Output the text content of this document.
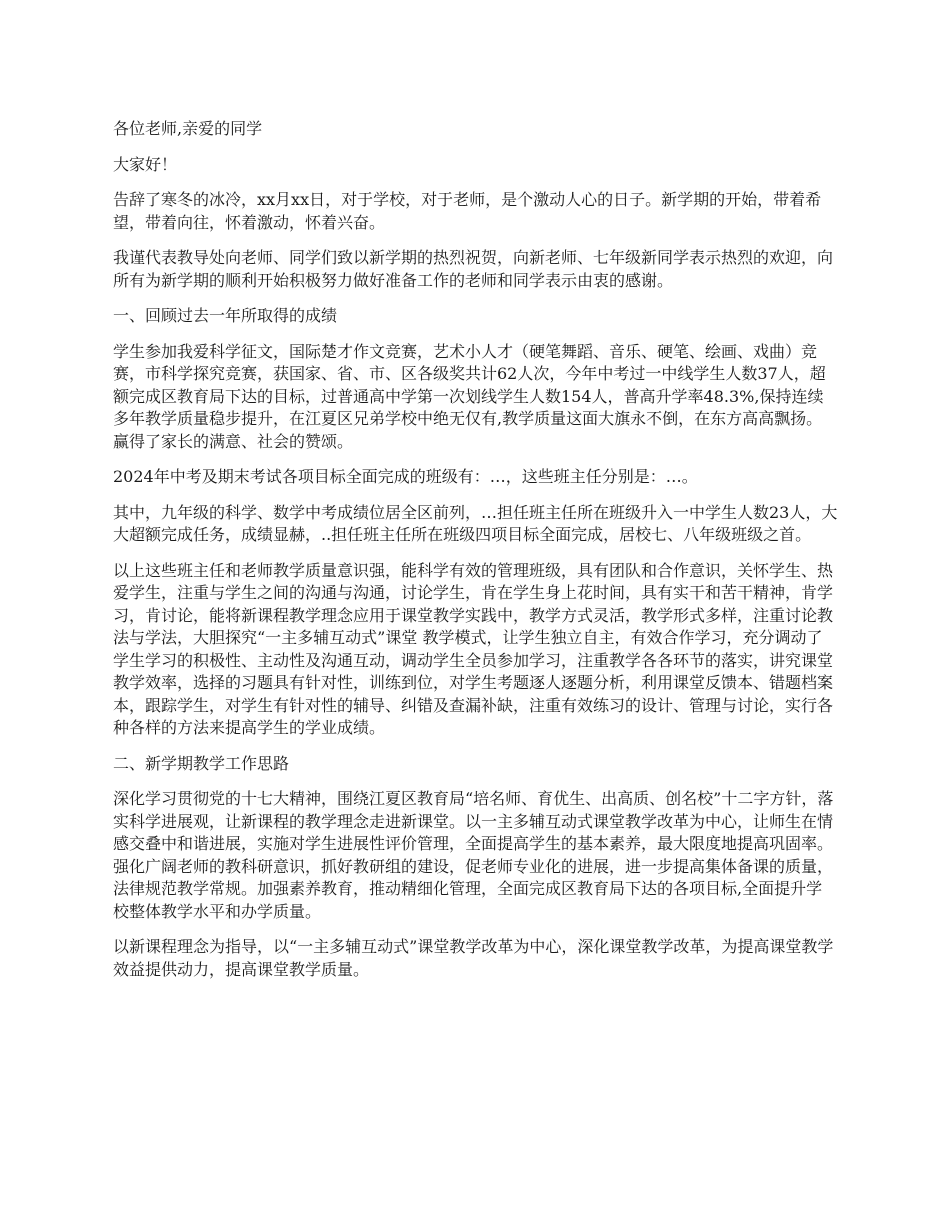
各位老师,亲爱的同学

大家好！

告辞了寒冬的冰冷，xx月xx日，对于学校，对于老师，是个激动人心的日子。新学期的开始，带着希望，带着向往，怀着激动，怀着兴奋。

我谨代表教导处向老师、同学们致以新学期的热烈祝贺，向新老师、七年级新同学表示热烈的欢迎，向所有为新学期的顺利开始积极努力做好准备工作的老师和同学表示由衷的感谢。

一、回顾过去一年所取得的成绩

学生参加我爱科学征文，国际楚才作文竞赛，艺术小人才（硬笔舞蹈、音乐、硬笔、绘画、戏曲）竞赛，市科学探究竞赛，获国家、省、市、区各级奖共计62人次，今年中考过一中线学生人数37人，超额完成区教育局下达的目标，过普通高中学第一次划线学生人数154人，普高升学率48.3%,保持连续多年教学质量稳步提升，在江夏区兄弟学校中绝无仅有,教学质量这面大旗永不倒，在东方高高飘扬。赢得了家长的满意、社会的赞颂。

2024年中考及期末考试各项目标全面完成的班级有：…，这些班主任分别是：…。

其中，九年级的科学、数学中考成绩位居全区前列，…担任班主任所在班级升入一中学生人数23人，大大超额完成任务，成绩显赫，..担任班主任所在班级四项目标全面完成，居校七、八年级班级之首。

以上这些班主任和老师教学质量意识强，能科学有效的管理班级，具有团队和合作意识，关怀学生、热爱学生，注重与学生之间的沟通与沟通，讨论学生，肯在学生身上花时间，具有实干和苦干精神，肯学习，肯讨论，能将新课程教学理念应用于课堂教学实践中，教学方式灵活，教学形式多样，注重讨论教法与学法，大胆探究“一主多辅互动式”课堂 教学模式，让学生独立自主，有效合作学习，充分调动了学生学习的积极性、主动性及沟通互动，调动学生全员参加学习，注重教学各各环节的落实，讲究课堂教学效率，选择的习题具有针对性，训练到位，对学生考题逐人逐题分析，利用课堂反馈本、错题档案本，跟踪学生，对学生有针对性的辅导、纠错及查漏补缺，注重有效练习的设计、管理与讨论，实行各种各样的方法来提高学生的学业成绩。

二、新学期教学工作思路

深化学习贯彻党的十七大精神，围绕江夏区教育局“培名师、育优生、出高质、创名校”十二字方针，落实科学进展观，让新课程的教学理念走进新课堂。以一主多辅互动式课堂教学改革为中心，让师生在情感交叠中和谐进展，实施对学生进展性评价管理，全面提高学生的基本素养，最大限度地提高巩固率。强化广阔老师的教科研意识，抓好教研组的建设，促老师专业化的进展，进一步提高集体备课的质量，法律规范教学常规。加强素养教育，推动精细化管理，全面完成区教育局下达的各项目标,全面提升学校整体教学水平和办学质量。

以新课程理念为指导，以“一主多辅互动式”课堂教学改革为中心，深化课堂教学改革，为提高课堂教学效益提供动力，提高课堂教学质量。
